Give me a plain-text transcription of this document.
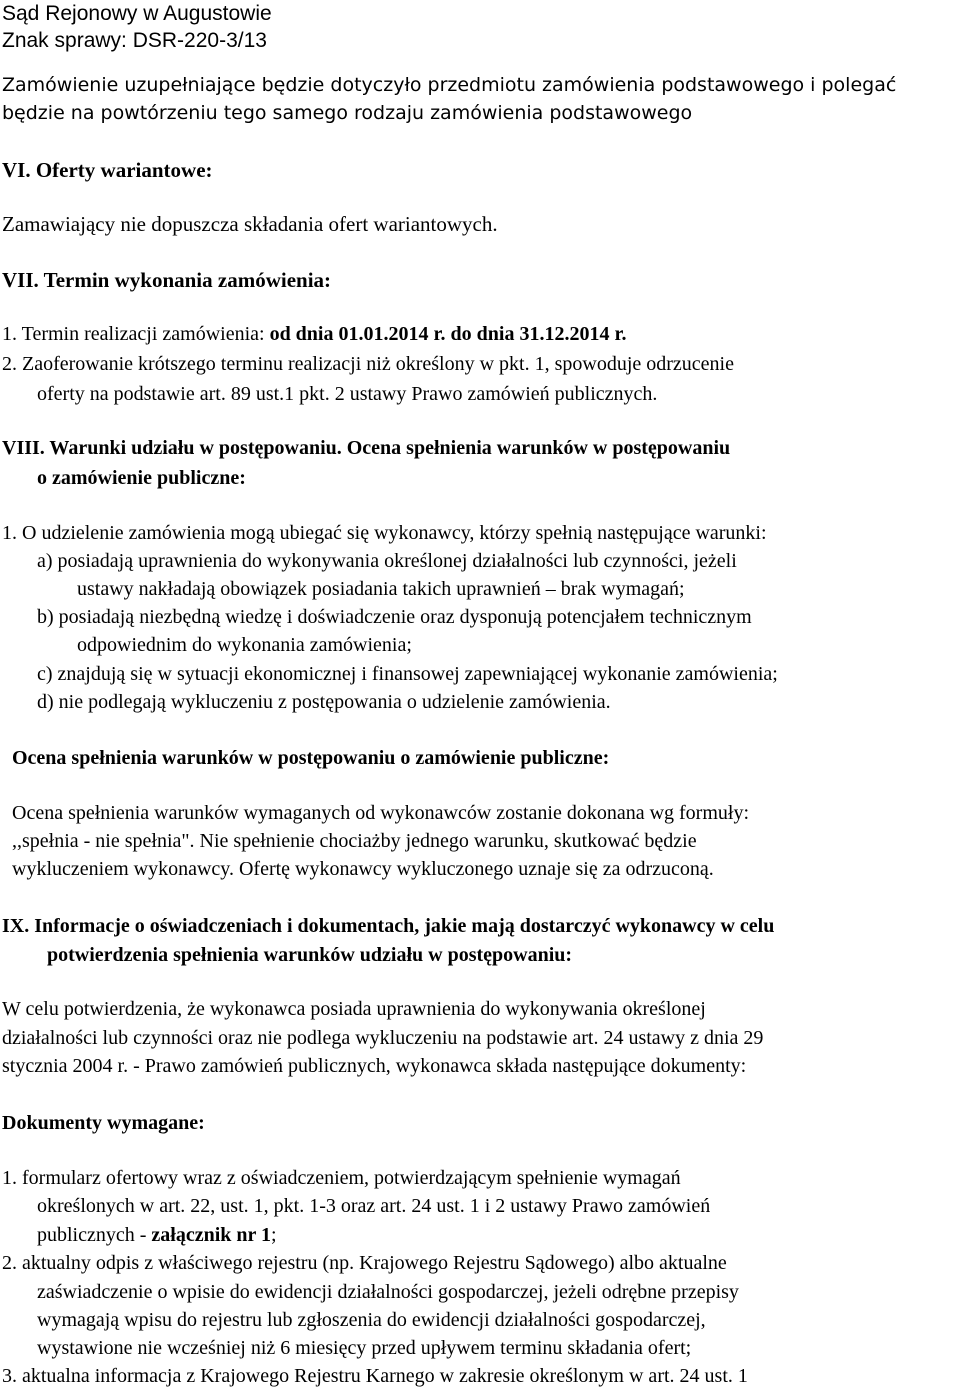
Sąd Rejonowy w Augustowie
Znak sprawy: DSR-220-3/13
Zamówienie uzupełniające będzie dotyczyło przedmiotu zamówienia podstawowego i polegać
będzie na powtórzeniu tego samego rodzaju zamówienia podstawowego
VI. Oferty wariantowe:
Zamawiający nie dopuszcza składania ofert wariantowych.
VII. Termin wykonania zamówienia:
1. Termin realizacji zamówienia: od dnia 01.01.2014 r. do dnia 31.12.2014 r.
2. Zaoferowanie krótszego terminu realizacji niż określony w pkt. 1, spowoduje odrzucenie
oferty na podstawie art. 89 ust.1 pkt. 2 ustawy Prawo zamówień publicznych.
VIII. Warunki udziału w postępowaniu. Ocena spełnienia warunków w postępowaniu
o zamówienie publiczne:
1. O udzielenie zamówienia mogą ubiegać się wykonawcy, którzy spełnią następujące warunki:
a) posiadają uprawnienia do wykonywania określonej działalności lub czynności, jeżeli
ustawy nakładają obowiązek posiadania takich uprawnień – brak wymagań;
b) posiadają niezbędną wiedzę i doświadczenie oraz dysponują potencjałem technicznym
odpowiednim do wykonania zamówienia;
c) znajdują się w sytuacji ekonomicznej i finansowej zapewniającej wykonanie zamówienia;
d) nie podlegają wykluczeniu z postępowania o udzielenie zamówienia.
Ocena spełnienia warunków w postępowaniu o zamówienie publiczne:
Ocena spełnienia warunków wymaganych od wykonawców zostanie dokonana wg formuły:
,,spełnia - nie spełnia". Nie spełnienie chociażby jednego warunku, skutkować będzie
wykluczeniem wykonawcy. Ofertę wykonawcy wykluczonego uznaje się za odrzuconą.
IX. Informacje o oświadczeniach i dokumentach, jakie mają dostarczyć wykonawcy w celu
potwierdzenia spełnienia warunków udziału w postępowaniu:
W celu potwierdzenia, że wykonawca posiada uprawnienia do wykonywania określonej
działalności lub czynności oraz nie podlega wykluczeniu na podstawie art. 24 ustawy z dnia 29
stycznia 2004 r. - Prawo zamówień publicznych, wykonawca składa następujące dokumenty:
Dokumenty wymagane:
1. formularz ofertowy wraz z oświadczeniem, potwierdzającym spełnienie wymagań
określonych w art. 22, ust. 1, pkt. 1-3 oraz art. 24 ust. 1 i 2 ustawy Prawo zamówień
publicznych - załącznik nr 1;
2. aktualny odpis z właściwego rejestru (np. Krajowego Rejestru Sądowego) albo aktualne
zaświadczenie o wpisie do ewidencji działalności gospodarczej, jeżeli odrębne przepisy
wymagają wpisu do rejestru lub zgłoszenia do ewidencji działalności gospodarczej,
wystawione nie wcześniej niż 6 miesięcy przed upływem terminu składania ofert;
3. aktualna informacja z Krajowego Rejestru Karnego w zakresie określonym w art. 24 ust. 1
